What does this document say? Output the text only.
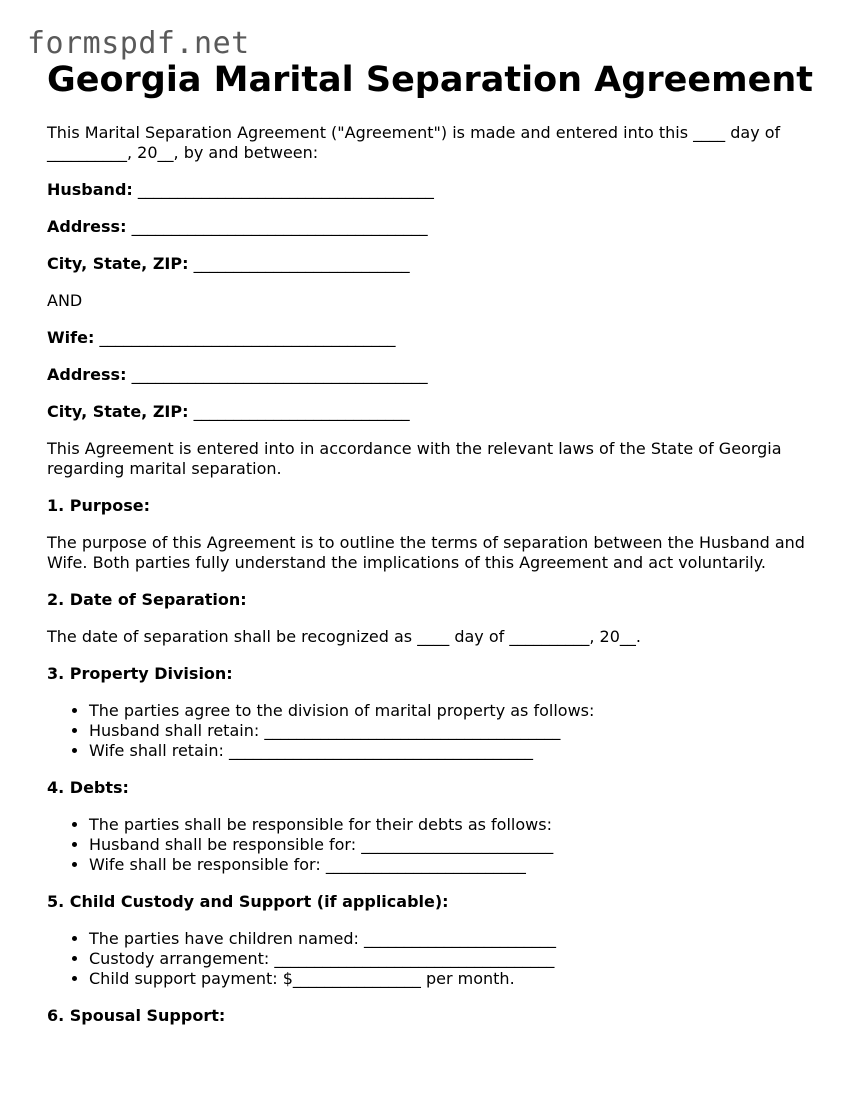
formspdf.net
Georgia Marital Separation Agreement

This Marital Separation Agreement ("Agreement") is made and entered into this ____ day of __________, 20__, by and between:

Husband: _____________________________________

Address: _____________________________________

City, State, ZIP: ___________________________

AND

Wife: _____________________________________

Address: _____________________________________

City, State, ZIP: ___________________________

This Agreement is entered into in accordance with the relevant laws of the State of Georgia regarding marital separation.

1. Purpose:

The purpose of this Agreement is to outline the terms of separation between the Husband and Wife. Both parties fully understand the implications of this Agreement and act voluntarily.

2. Date of Separation:

The date of separation shall be recognized as ____ day of __________, 20__.

3. Property Division:

• The parties agree to the division of marital property as follows:
• Husband shall retain: _____________________________________
• Wife shall retain: ______________________________________

4. Debts:

• The parties shall be responsible for their debts as follows:
• Husband shall be responsible for: ________________________
• Wife shall be responsible for: _________________________

5. Child Custody and Support (if applicable):

• The parties have children named: ________________________
• Custody arrangement: ___________________________________
• Child support payment: $________________ per month.

6. Spousal Support:
